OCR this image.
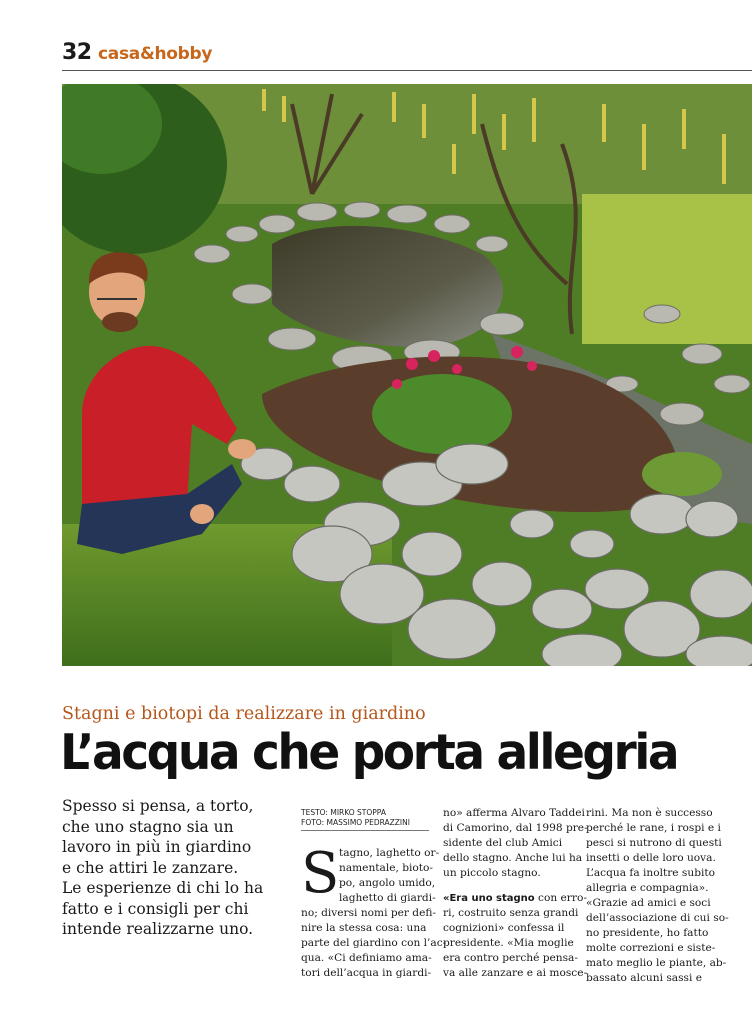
32 casa&hobby
Stagni e biotopi da realizzare in giardino
L’acqua che porta allegria
Spesso si pensa, a torto,
che uno stagno sia un
lavoro in più in giardino
e che attiri le zanzare.
Le esperienze di chi lo ha
fatto e i consigli per chi
intende realizzarne uno.
TESTO: MIRKO STOPPA
FOTO: MASSIMO PEDRAZZINI
S tagno, laghetto or-
namentale, bioto-
po, angolo umido,
laghetto di giardi-
no; diversi nomi per defi-
nire la stessa cosa: una
parte del giardino con l’ac-
qua. «Ci definiamo ama-
tori dell’acqua in giardi-
no» afferma Alvaro Taddei
di Camorino, dal 1998 pre-
sidente del club Amici
dello stagno. Anche lui ha
un piccolo stagno.
«Era uno stagno con erro-
ri, costruito senza grandi
cognizioni» confessa il
presidente. «Mia moglie
era contro perché pensa-
va alle zanzare e ai mosce-
rini. Ma non è successo
perché le rane, i rospi e i
pesci si nutrono di questi
insetti o delle loro uova.
L’acqua fa inoltre subito
allegria e compagnia».
«Grazie ad amici e soci
dell’associazione di cui so-
no presidente, ho fatto
molte correzioni e siste-
mato meglio le piante, ab-
bassato alcuni sassi e
